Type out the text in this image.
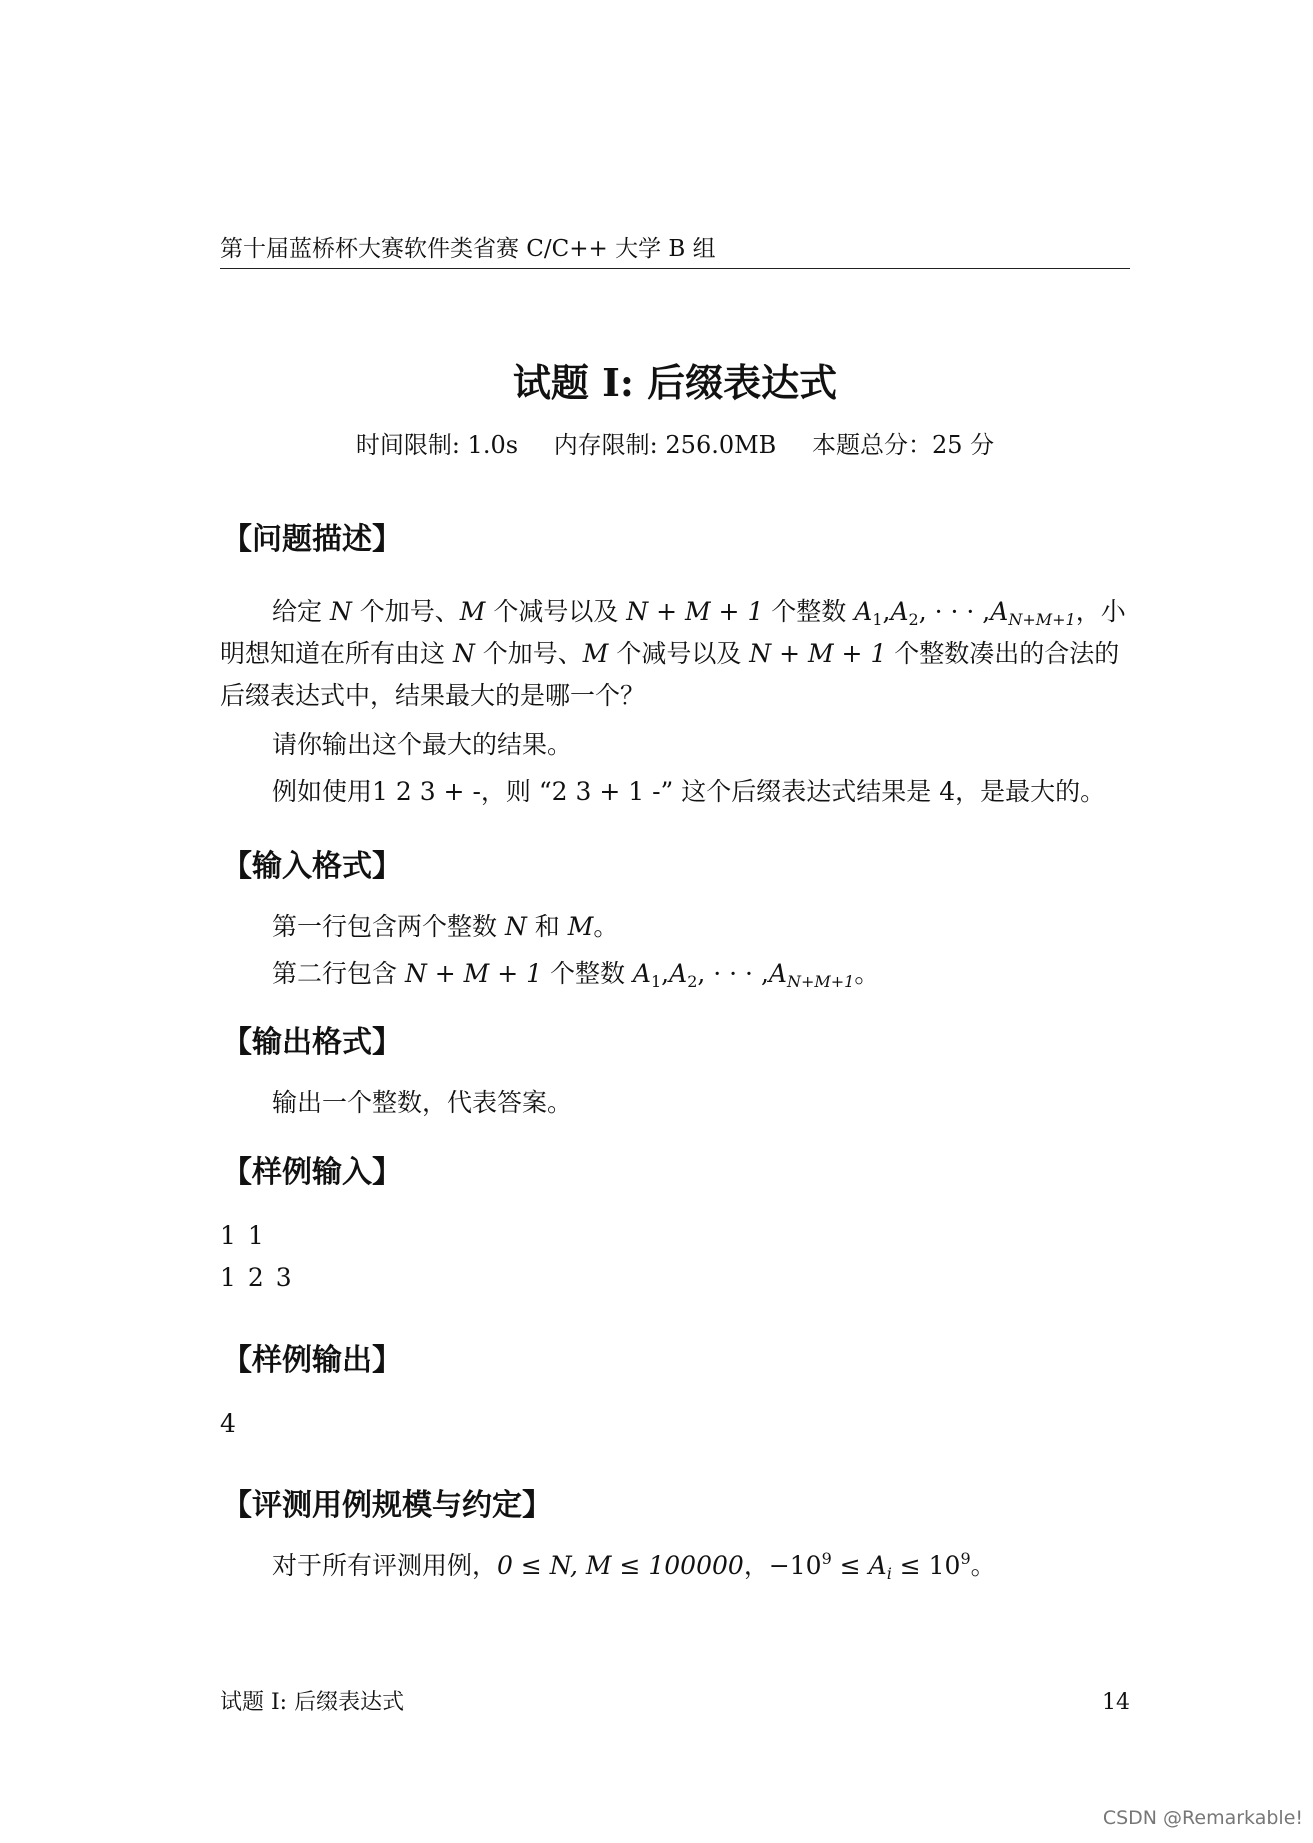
第十届蓝桥杯大赛软件类省赛 C/C++ 大学 B 组
试题 I: 后缀表达式
时间限制: 1.0s 内存限制: 256.0MB 本题总分：25 分
【问题描述】
给定 N 个加号、M 个减号以及 N + M + 1 个整数 $A_1,A_2$, · · · $,A_{N+M+1}$，小明想知道在所有由这 N 个加号、M 个减号以及 N + M + 1 个整数凑出的合法的后缀表达式中，结果最大的是哪一个？
请你输出这个最大的结果。
例如使用1 2 3 + -，则 “2 3 + 1 -” 这个后缀表达式结果是 4，是最大的。
【输入格式】
第一行包含两个整数 N 和 M。
第二行包含 N + M + 1 个整数 $A_1,A_2$, · · · $,A_{N+M+1}$。
【输出格式】
输出一个整数，代表答案。
【样例输入】
1 1
1 2 3
【样例输出】
4
【评测用例规模与约定】
对于所有评测用例，0 ≤ N, M ≤ 100000，$-10^9 \le A_i \le 10^9$。
试题 I: 后缀表达式	14
CSDN @Remarkable!
